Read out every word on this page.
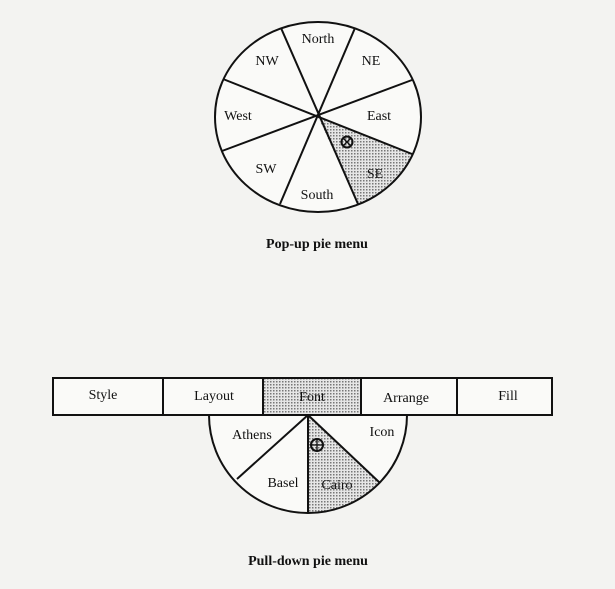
North
NE
East
SE
South
SW
West
NW
Pop-up pie menu
Style	Layout	Font	Arrange	Fill
Athens
Basel Cairo
Icon
Pull-down pie menu
